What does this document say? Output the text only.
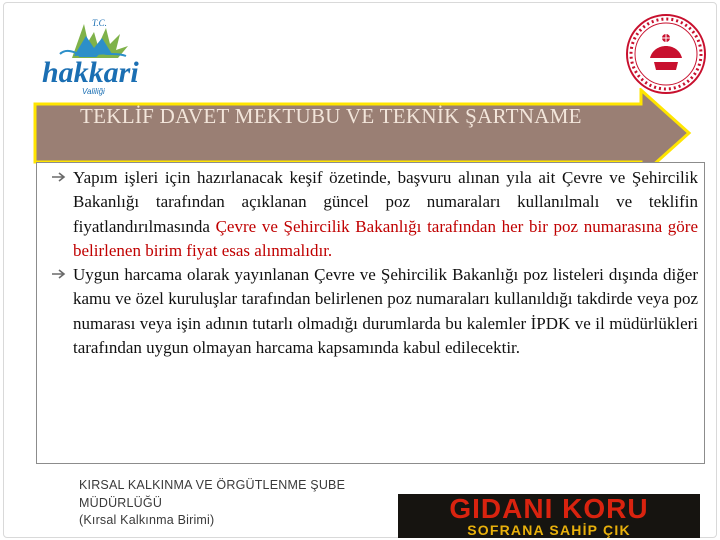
T.C.
hakkari
Valiliği
TEKLİF DAVET MEKTUBU VE TEKNİK ŞARTNAME
Yapım işleri için hazırlanacak keşif özetinde, başvuru alınan yıla ait Çevre ve Şehircilik Bakanlığı tarafından açıklanan güncel poz numaraları kullanılmalı ve teklifin fiyatlandırılmasında Çevre ve Şehircilik Bakanlığı tarafından her bir poz numarasına göre belirlenen birim fiyat esas alınmalıdır.
Uygun harcama olarak yayınlanan Çevre ve Şehircilik Bakanlığı poz listeleri dışında diğer kamu ve özel kuruluşlar tarafından belirlenen poz numaraları kullanıldığı takdirde veya poz numarası veya işin adının tutarlı olmadığı durumlarda bu kalemler İPDK ve il müdürlükleri tarafından uygun olmayan harcama kapsamında kabul edilecektir.
KIRSAL KALKINMA VE ÖRGÜTLENME ŞUBE
MÜDÜRLÜĞÜ
(Kırsal Kalkınma Birimi)	GIDANI KORU
SOFRANA SAHİP ÇIK
